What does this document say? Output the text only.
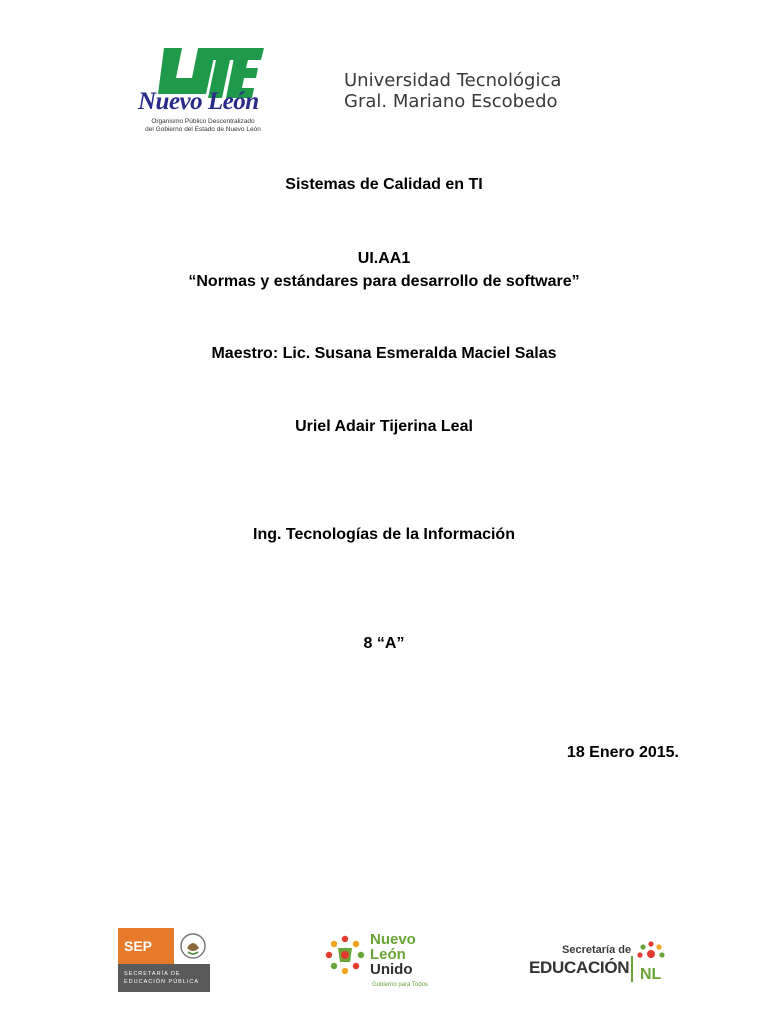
Nuevo León
Organismo Público Descentralizado
del Gobierno del Estado de Nuevo León
Universidad Tecnológica
Gral. Mariano Escobedo
Sistemas de Calidad en TI
UI.AA1
“Normas y estándares para desarrollo de software”
Maestro: Lic. Susana Esmeralda Maciel Salas
Uriel Adair Tijerina Leal
Ing. Tecnologías de la Información
8 “A”
18 Enero 2015.
SEP
SECRETARÍA DE
EDUCACIÓN PÚBLICA
Nuevo
León
Unido
Gobierno para Todos
Secretaría de
EDUCACIÓN NL
